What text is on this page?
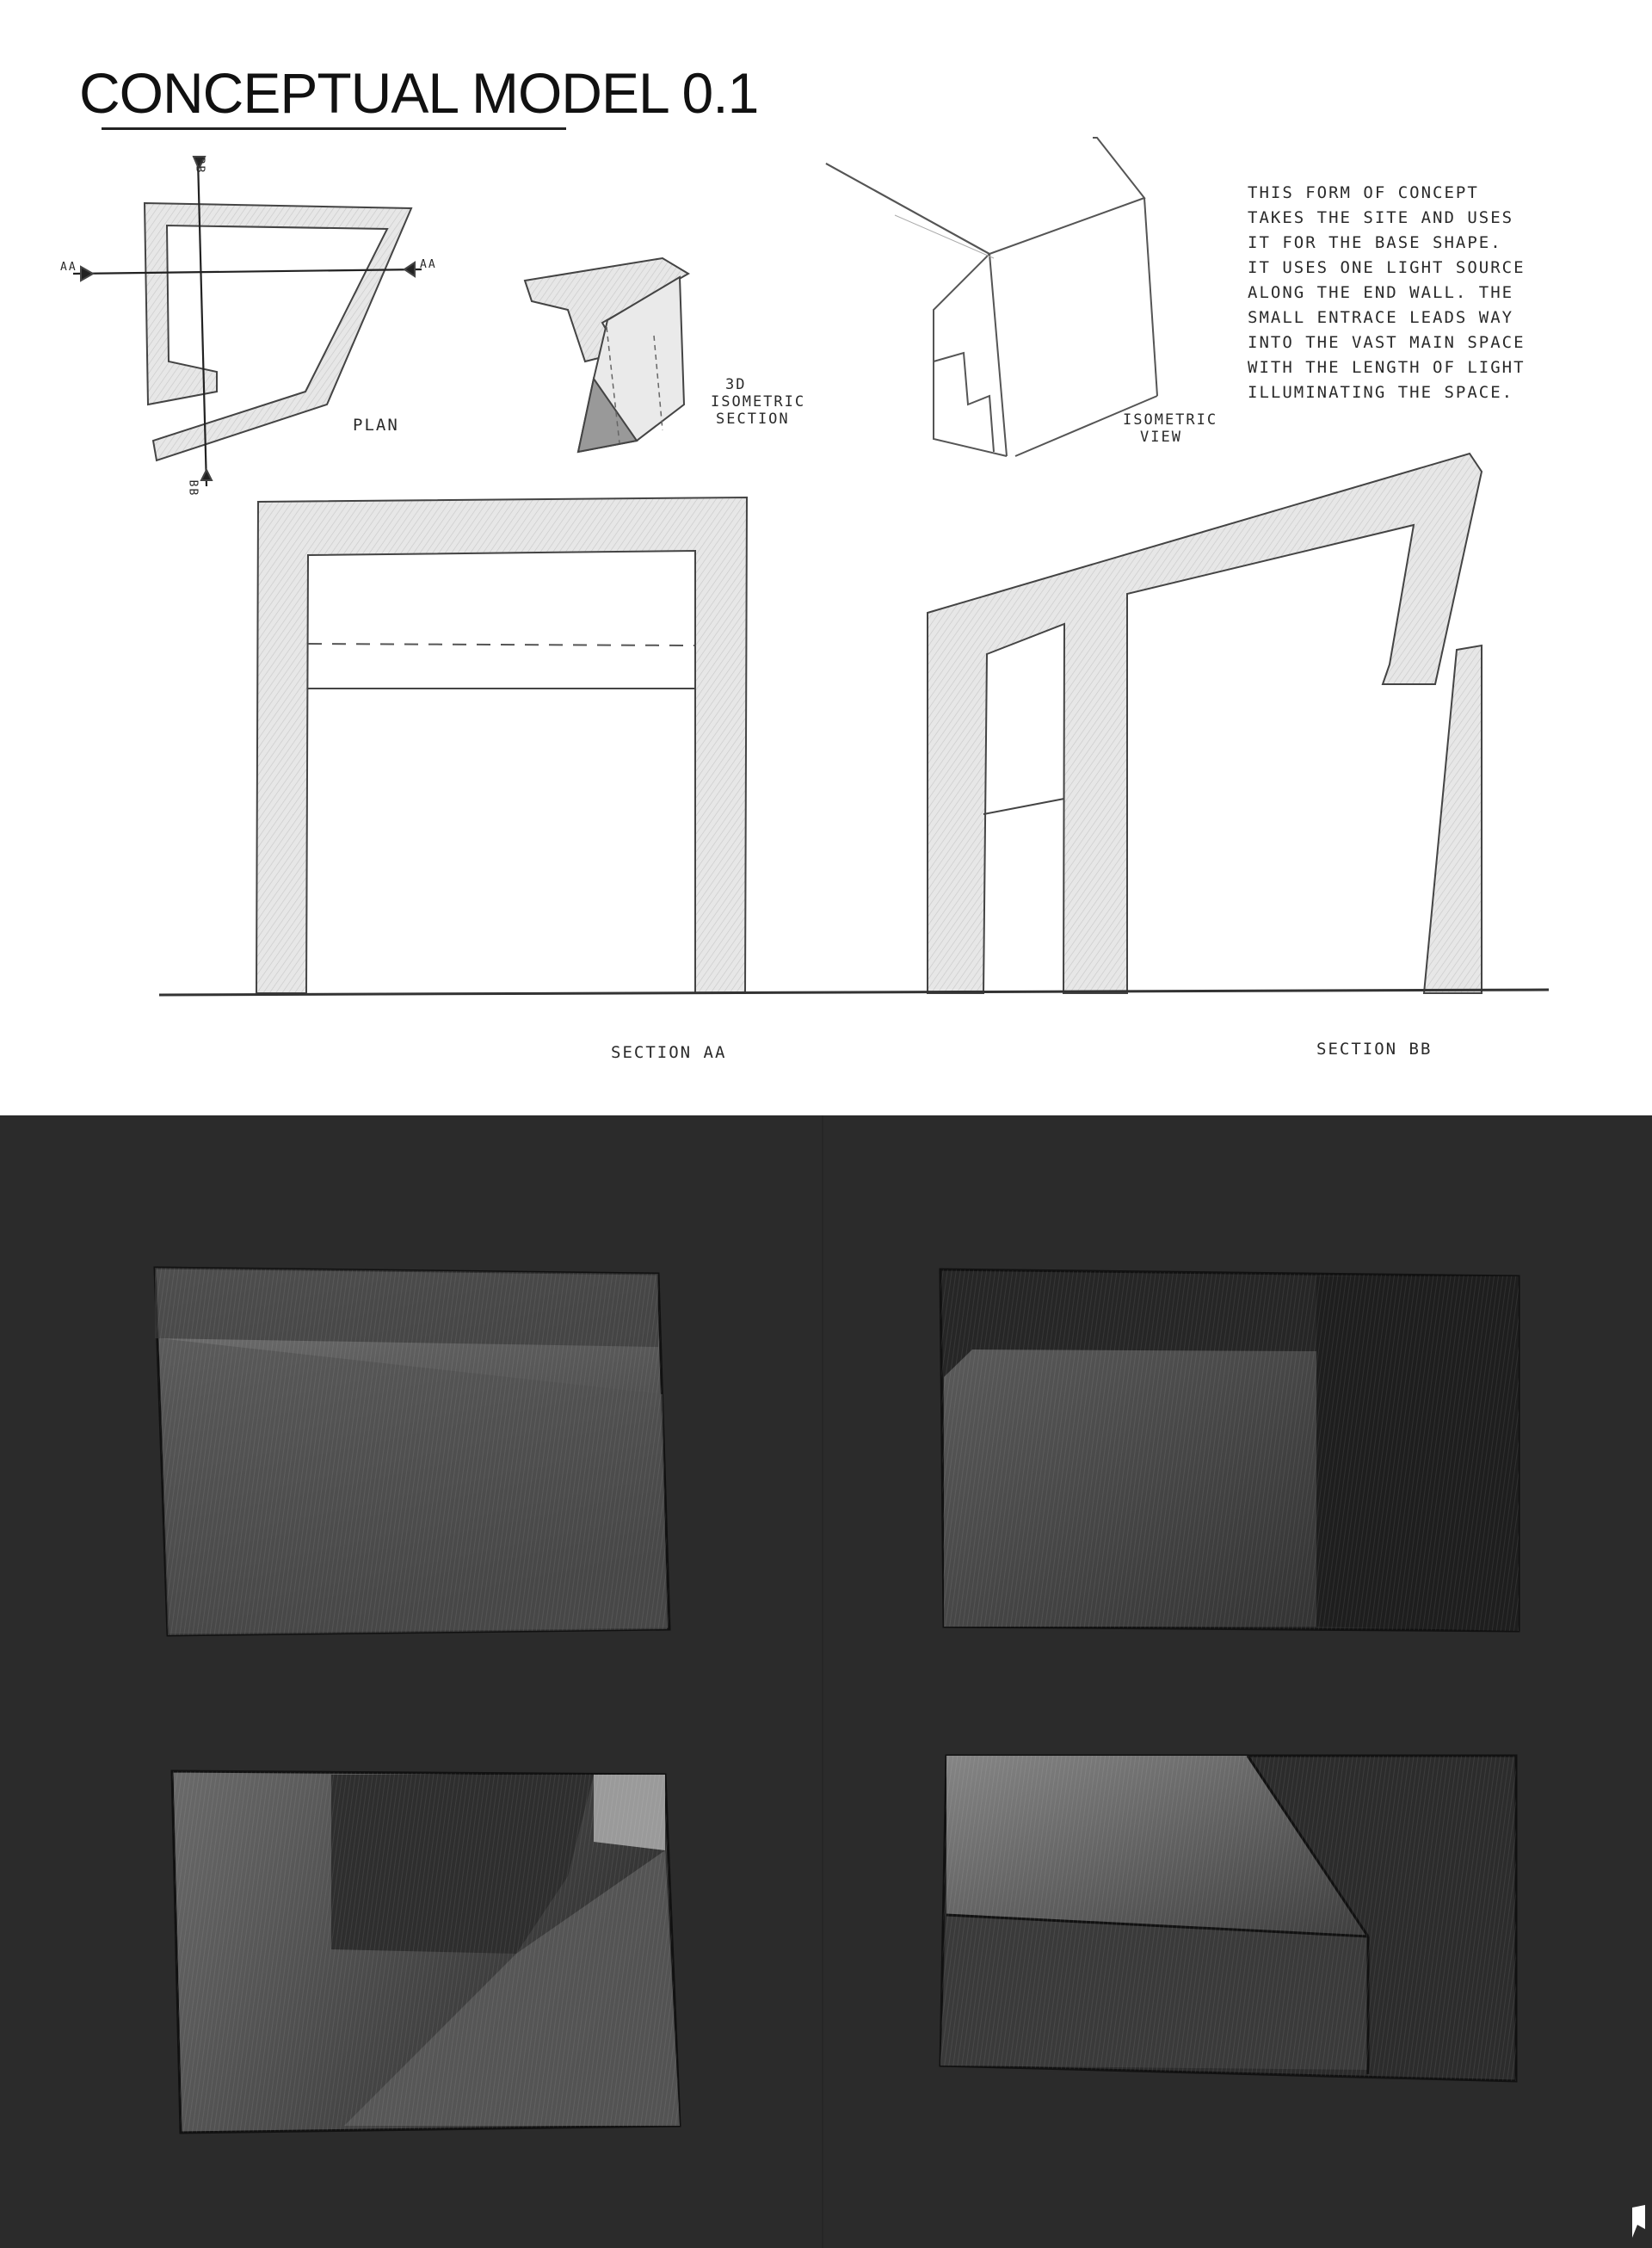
CONCEPTUAL MODEL 0.1
AA	AA
BB
BB
PLAN
3D
ISOMETRIC
SECTION	ISOMETRIC
VIEW
THIS FORM OF CONCEPT
TAKES THE SITE AND USES
IT FOR THE BASE SHAPE.
IT USES ONE LIGHT SOURCE
ALONG THE END WALL. THE
SMALL ENTRACE LEADS WAY
INTO THE VAST MAIN SPACE
WITH THE LENGTH OF LIGHT
ILLUMINATING THE SPACE.
SECTION AA	SECTION BB
